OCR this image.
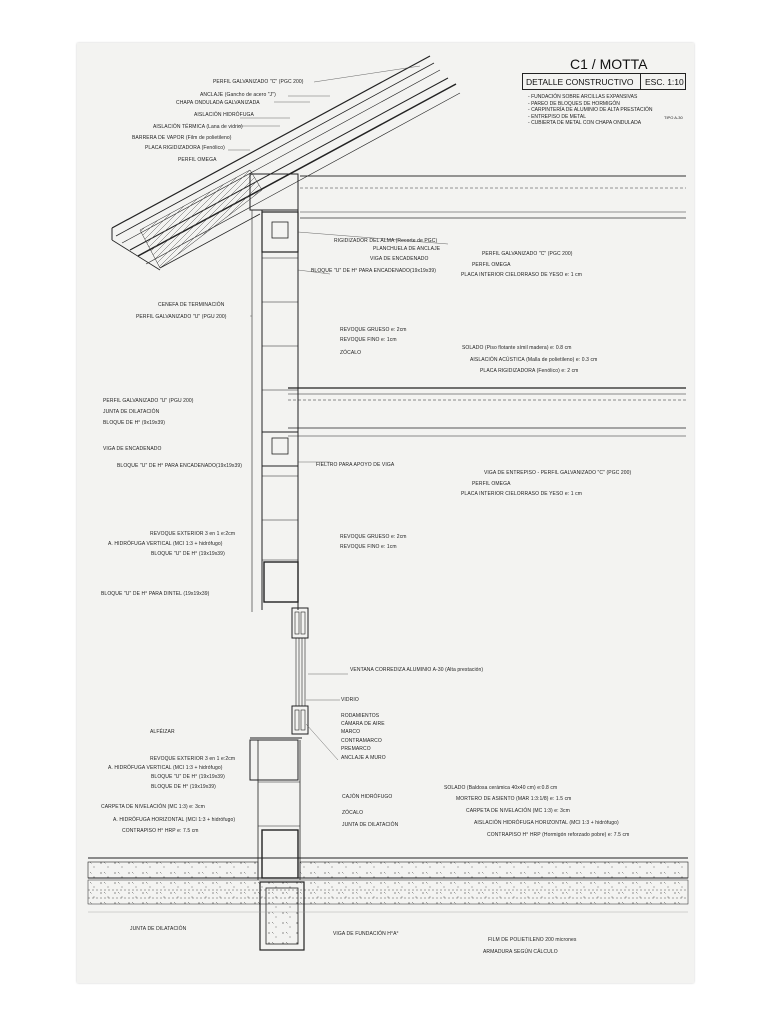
C1 / MOTTA
DETALLE CONSTRUCTIVO ESC. 1:10
- FUNDACIÓN SOBRE ARCILLAS EXPANSIVAS
- PAREO DE BLOQUES DE HORMIGÓN
- CARPINTERÍA DE ALUMINIO DE ALTA PRESTACIÓN
- ENTREPISO DE METAL
- CUBIERTA DE METAL CON CHAPA ONDULADA
TIPO A-30
PERFIL GALVANIZADO "C" (PGC 200)
ANCLAJE (Gancho de acero "J")
CHAPA ONDULADA GALVANIZADA
AISLACIÓN HIDRÓFUGA
AISLACIÓN TÉRMICA (Lana de vidrio)
BARRERA DE VAPOR (Film de polietileno)
PLACA RIGIDIZADORA (Fenólico)
PERFIL OMEGA
RIGIDIZADOR DEL ALMA (Recorte de PGC)
PLANCHUELA DE ANCLAJE
VIGA DE ENCADENADO
BLOQUE "U" DE H° PARA ENCADENADO(19x19x39)
PERFIL GALVANIZADO "C" (PGC 200)
PERFIL OMEGA
PLACA INTERIOR CIELORRASO DE YESO e: 1 cm
CENEFA DE TERMINACIÓN
PERFIL GALVANIZADO "U" (PGU 200)
REVOQUE GRUESO e: 2cm
REVOQUE FINO e: 1cm
ZÓCALO
SOLADO (Piso flotante símil madera) e: 0.8 cm
AISLACIÓN ACÚSTICA (Malla de polietileno) e: 0.3 cm
PLACA RIGIDIZADORA (Fenólico) e: 2 cm
PERFIL GALVANIZADO "U" (PGU 200)
JUNTA DE DILATACIÓN
BLOQUE DE H° (9x19x39)
VIGA DE ENCADENADO
BLOQUE "U" DE H° PARA ENCADENADO(19x19x39)	FIELTRO PARA APOYO DE VIGA
VIGA DE ENTREPISO - PERFIL GALVANIZADO "C" (PGC 200)
PERFIL OMEGA
PLACA INTERIOR CIELORRASO DE YESO e: 1 cm
REVOQUE EXTERIOR 3 en 1 e:2cm
A. HIDRÓFUGA VERTICAL (MCI 1:3 + hidrófugo)
BLOQUE "U" DE H° (19x19x39)
REVOQUE GRUESO e: 2cm
REVOQUE FINO e: 1cm
BLOQUE "U" DE H° PARA DINTEL (19x19x39)
VENTANA CORREDIZA ALUMINIO A-30 (Alta prestación)
VIDRIO
RODAMIENTOS
CÁMARA DE AIRE
MARCO
CONTRAMARCO
PREMARCO
ANCLAJE A MURO
ALFÉIZAR
REVOQUE EXTERIOR 3 en 1 e:2cm
A. HIDRÓFUGA VERTICAL (MCI 1:3 + hidrófugo)
BLOQUE "U" DE H° (19x19x39)
BLOQUE DE H° (19x19x39)
CARPETA DE NIVELACIÓN (MC 1:3) e: 3cm
A. HIDRÓFUGA HORIZONTAL (MCI 1:3 + hidrófugo)
CONTRAPISO H° HRP e: 7.5 cm
CAJÓN HIDRÓFUGO
ZÓCALO
JUNTA DE DILATACIÓN
SOLADO (Baldosa cerámica 40x40 cm) e:0.8 cm
MORTERO DE ASIENTO (MAR 1:3:1/8) e: 1.5 cm
CARPETA DE NIVELACIÓN (MC 1:3) e: 3cm
AISLACIÓN HIDRÓFUGA HORIZONTAL (MCI 1:3 + hidrófugo)
CONTRAPISO H° HRP (Hormigón reforzado pobre) e: 7.5 cm
JUNTA DE DILATACIÓN
VIGA DE FUNDACIÓN H°A°
FILM DE POLIETILENO 200 micrones
ARMADURA SEGÚN CÁLCULO
